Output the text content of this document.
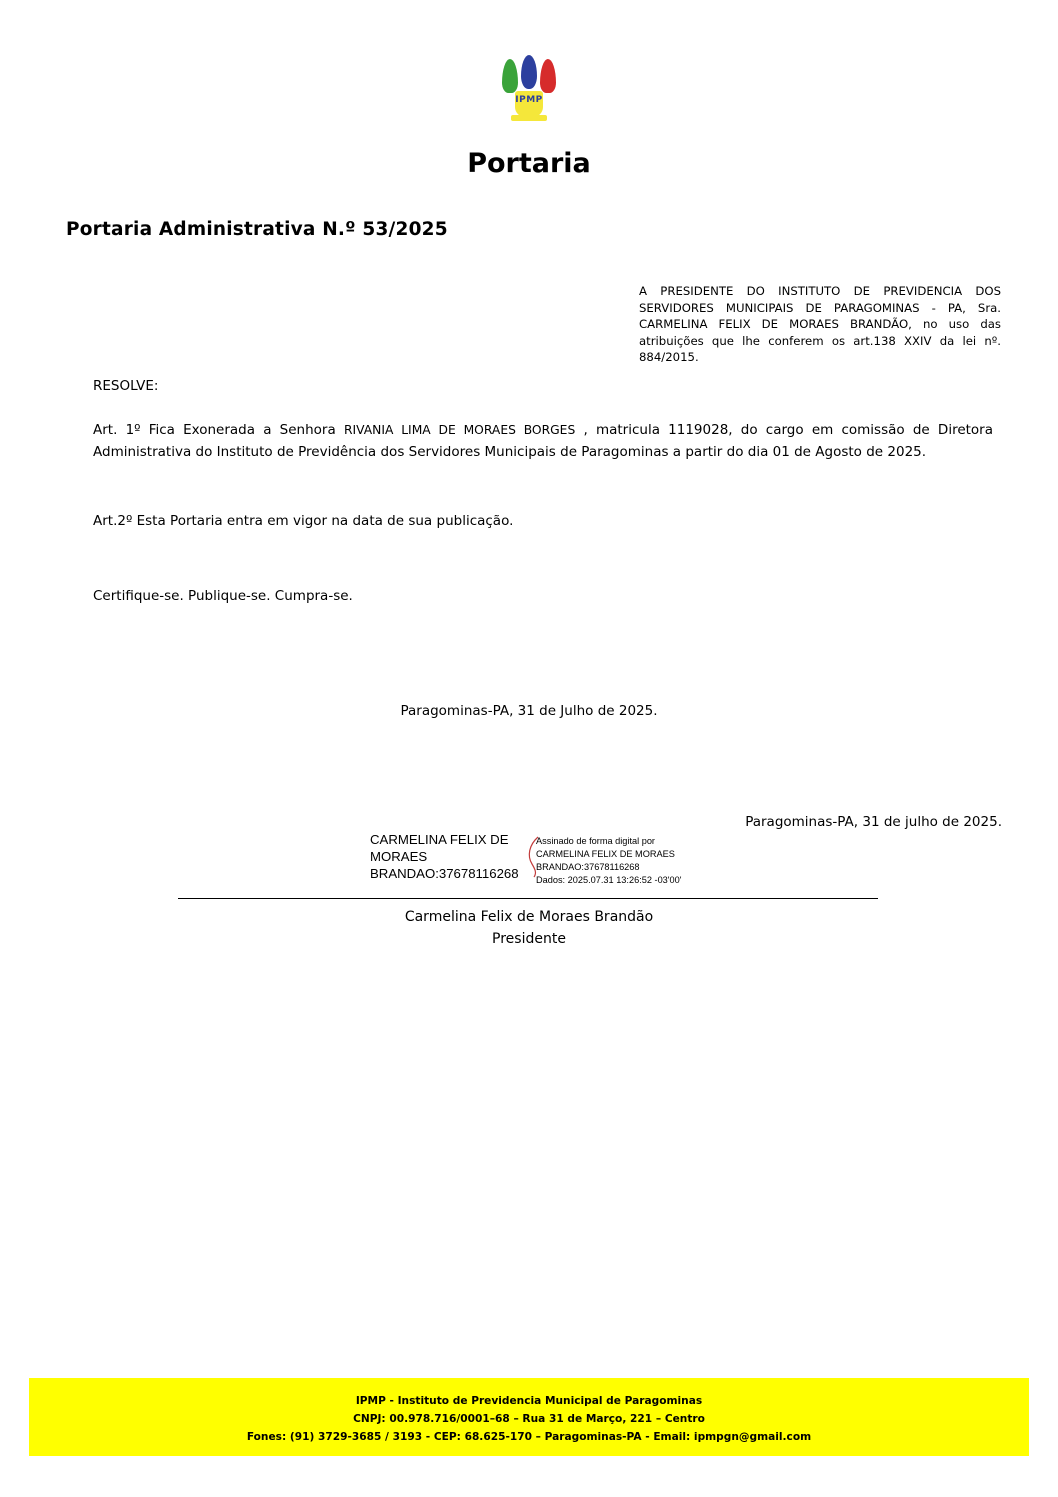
IPMP
Portaria
Portaria Administrativa N.º 53/2025
A PRESIDENTE DO INSTITUTO DE PREVIDENCIA DOS SERVIDORES MUNICIPAIS DE PARAGOMINAS - PA, Sra. CARMELINA FELIX DE MORAES BRANDÃO, no uso das atribuições que lhe conferem os art.138 XXIV da lei nº. 884/2015.
RESOLVE:
Art. 1º Fica Exonerada a Senhora RIVANIA LIMA DE MORAES BORGES , matricula 1119028, do cargo em comissão de Diretora Administrativa do Instituto de Previdência dos Servidores Municipais de Paragominas a partir do dia 01 de Agosto de 2025.
Art.2º Esta Portaria entra em vigor na data de sua publicação.
Certifique-se. Publique-se. Cumpra-se.
Paragominas-PA, 31 de Julho de 2025.
Paragominas-PA, 31 de julho de 2025.
CARMELINA FELIX DE
MORAES
BRANDAO:37678116268
Assinado de forma digital por
CARMELINA FELIX DE MORAES
BRANDAO:37678116268
Dados: 2025.07.31 13:26:52 -03'00'
Carmelina Felix de Moraes Brandão
Presidente
IPMP - Instituto de Previdencia Municipal de Paragominas
CNPJ: 00.978.716/0001–68 – Rua 31 de Março, 221 – Centro
Fones: (91) 3729-3685 / 3193 - CEP: 68.625-170 – Paragominas-PA - Email: ipmpgn@gmail.com
